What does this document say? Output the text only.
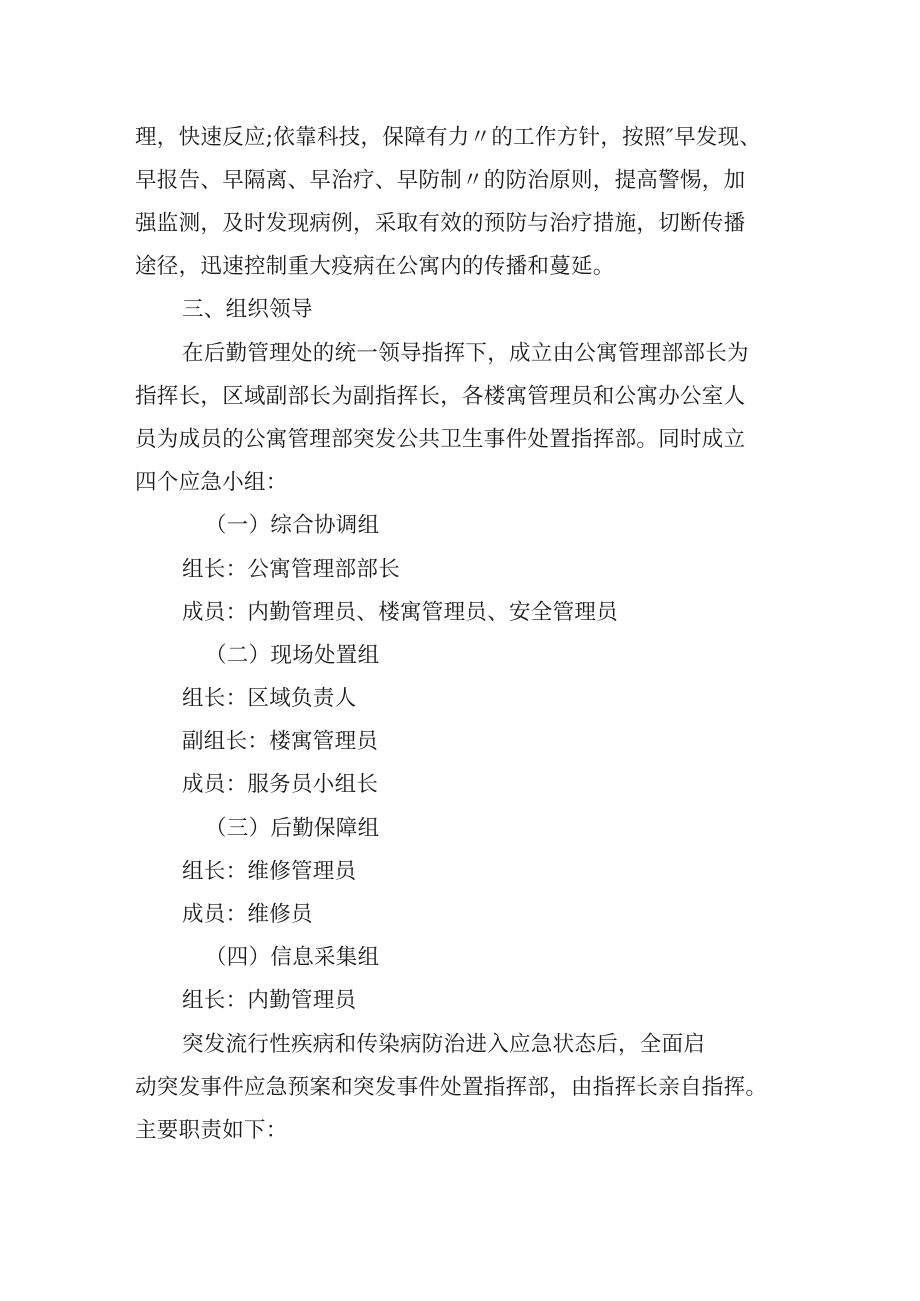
理，快速反应;依靠科技，保障有力〃的工作方针，按照″早发现、
早报告、早隔离、早治疗、早防制〃的防治原则，提高警惕，加
强监测，及时发现病例，采取有效的预防与治疗措施，切断传播
途径，迅速控制重大疫病在公寓内的传播和蔓延。
三、组织领导
在后勤管理处的统一领导指挥下，成立由公寓管理部部长为
指挥长，区域副部长为副指挥长，各楼寓管理员和公寓办公室人
员为成员的公寓管理部突发公共卫生事件处置指挥部。同时成立
四个应急小组：
（一）综合协调组
组长：公寓管理部部长
成员：内勤管理员、楼寓管理员、安全管理员
（二）现场处置组
组长：区域负责人
副组长：楼寓管理员
成员：服务员小组长
（三）后勤保障组
组长：维修管理员
成员：维修员
（四）信息采集组
组长：内勤管理员
突发流行性疾病和传染病防治进入应急状态后，全面启
动突发事件应急预案和突发事件处置指挥部，由指挥长亲自指挥。
主要职责如下：
